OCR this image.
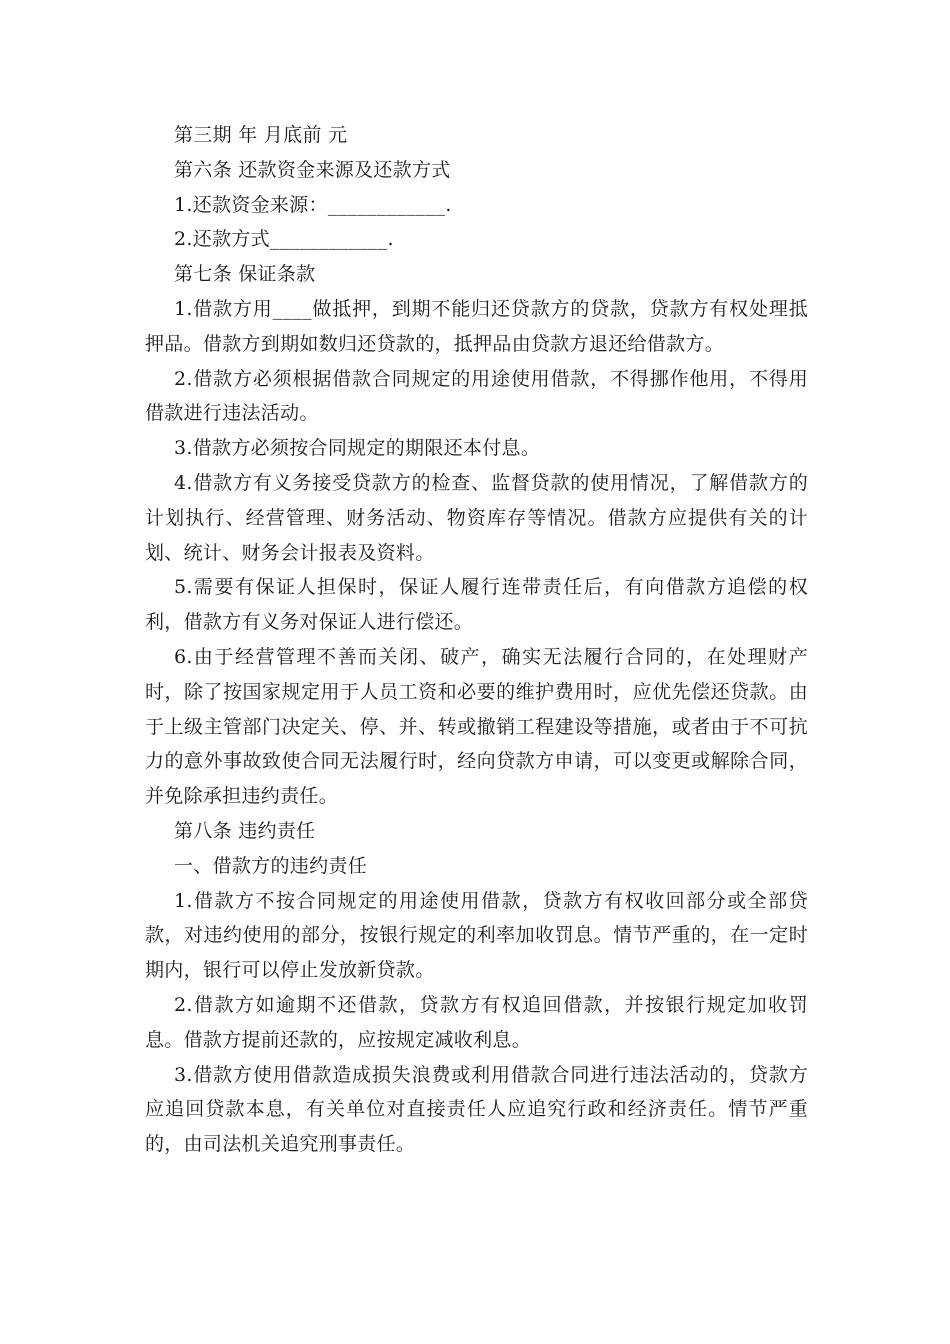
第三期 年 月底前 元

第六条 还款资金来源及还款方式

1.还款资金来源：____________.

2.还款方式____________.

第七条 保证条款

1.借款方用____做抵押，到期不能归还贷款方的贷款，贷款方有权处理抵押品。借款方到期如数归还贷款的，抵押品由贷款方退还给借款方。

2.借款方必须根据借款合同规定的用途使用借款，不得挪作他用，不得用借款进行违法活动。

3.借款方必须按合同规定的期限还本付息。

4.借款方有义务接受贷款方的检查、监督贷款的使用情况，了解借款方的计划执行、经营管理、财务活动、物资库存等情况。借款方应提供有关的计划、统计、财务会计报表及资料。

5.需要有保证人担保时，保证人履行连带责任后，有向借款方追偿的权利，借款方有义务对保证人进行偿还。

6.由于经营管理不善而关闭、破产，确实无法履行合同的，在处理财产时，除了按国家规定用于人员工资和必要的维护费用时，应优先偿还贷款。由于上级主管部门决定关、停、并、转或撤销工程建设等措施，或者由于不可抗力的意外事故致使合同无法履行时，经向贷款方申请，可以变更或解除合同，并免除承担违约责任。

第八条 违约责任

一、借款方的违约责任

1.借款方不按合同规定的用途使用借款，贷款方有权收回部分或全部贷款，对违约使用的部分，按银行规定的利率加收罚息。情节严重的，在一定时期内，银行可以停止发放新贷款。

2.借款方如逾期不还借款，贷款方有权追回借款，并按银行规定加收罚息。借款方提前还款的，应按规定减收利息。

3.借款方使用借款造成损失浪费或利用借款合同进行违法活动的，贷款方应追回贷款本息，有关单位对直接责任人应追究行政和经济责任。情节严重的，由司法机关追究刑事责任。
